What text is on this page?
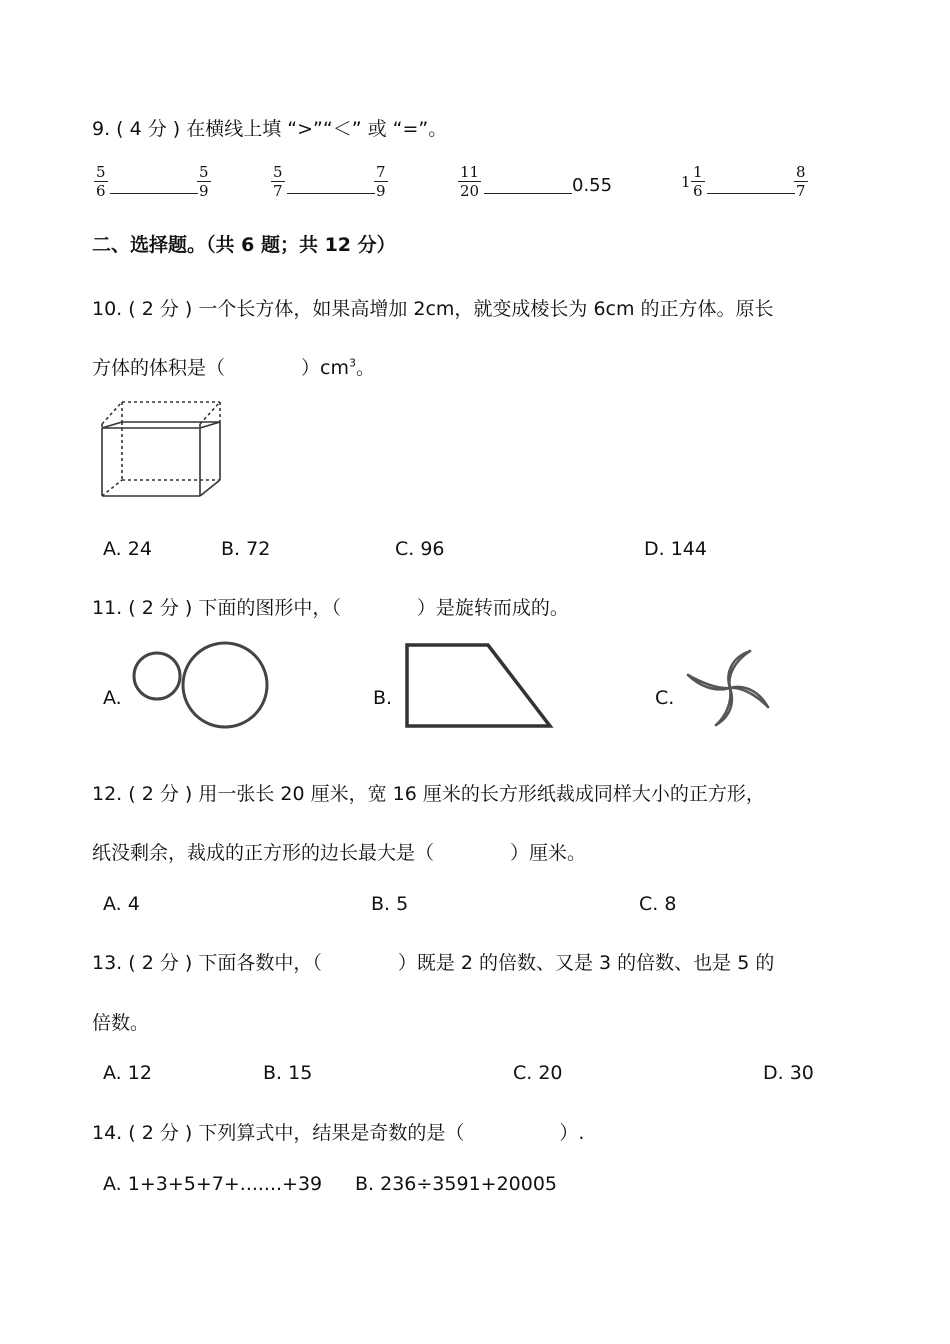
9. ( 4 分 ) 在横线上填 “>”“＜” 或 “=”。
$\frac{5}{6}$	$\frac{5}{9}$	$\frac{5}{7}$	$\frac{7}{9}$	$\frac{11}{20}$	0.55	$1 \frac{1}{6}$	$\frac{8}{7}$
二、选择题。（共 6 题；共 12 分）
10. ( 2 分 ) 一个长方体，如果高增加 2cm，就变成棱长为 6cm 的正方体。原长
方体的体积是（　　　　）$cm^3$。
A. 24	B. 72	C. 96	D. 144
11. ( 2 分 ) 下面的图形中，（　　　　）是旋转而成的。
A.	B.	C.
12. ( 2 分 ) 用一张长 20 厘米，宽 16 厘米的长方形纸裁成同样大小的正方形，
纸没剩余，裁成的正方形的边长最大是（　　　　）厘米。
A. 4	B. 5	C. 8
13. ( 2 分 ) 下面各数中，（　　　　）既是 2 的倍数、又是 3 的倍数、也是 5 的
倍数。
A. 12	B. 15	C. 20	D. 30
14. ( 2 分 ) 下列算式中，结果是奇数的是（　　　　　）.
A. 1+3+5+7+.......+39 B. 236÷3591+20005
